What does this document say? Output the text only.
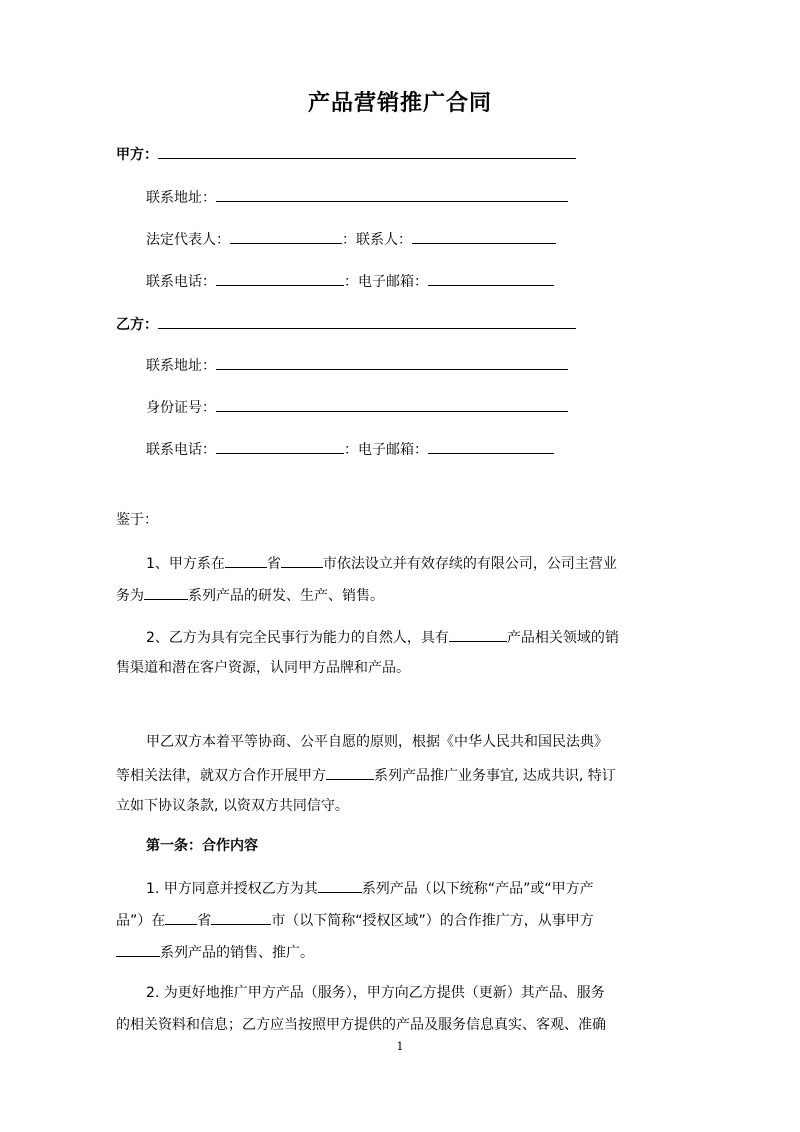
产品营销推广合同
甲方：
联系地址：
法定代表人：	：联系人：
联系电话：	：电子邮箱：
乙方：
联系地址：
身份证号：
联系电话：	：电子邮箱：
鉴于：
1、甲方系在	省	市依法设立并有效存续的有限公司，公司主营业
务为	系列产品的研发、生产、销售。
2、乙方为具有完全民事行为能力的自然人，具有	产品相关领域的销
售渠道和潜在客户资源，认同甲方品牌和产品。
甲乙双方本着平等协商、公平自愿的原则，根据《中华人民共和国民法典》
等相关法律，就双方合作开展甲方	系列产品推广业务事宜, 达成共识, 特订
立如下协议条款, 以资双方共同信守。
第一条：合作内容
1. 甲方同意并授权乙方为其	系列产品（以下统称“产品”或“甲方产
品”）在 省	市（以下简称“授权区域”）的合作推广方，从事甲方
系列产品的销售、推广。
2. 为更好地推广甲方产品（服务），甲方向乙方提供（更新）其产品、服务
的相关资料和信息；乙方应当按照甲方提供的产品及服务信息真实、客观、准确
1
